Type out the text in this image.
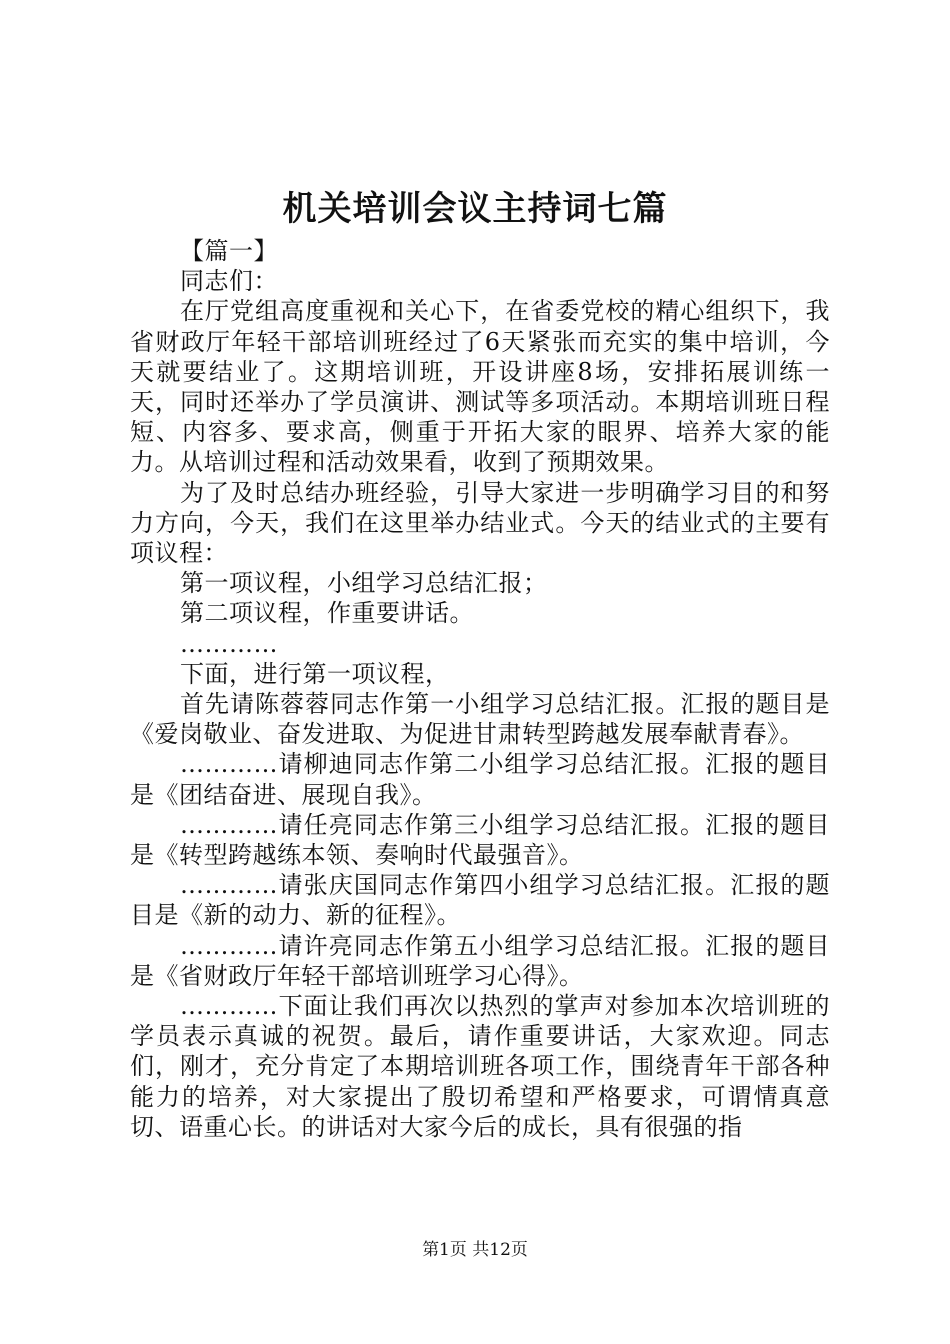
机关培训会议主持词七篇

【篇一】

同志们：

在厅党组高度重视和关心下，在省委党校的精心组织下，我省财政厅年轻干部培训班经过了6天紧张而充实的集中培训，今天就要结业了。这期培训班，开设讲座8场，安排拓展训练一天，同时还举办了学员演讲、测试等多项活动。本期培训班日程短、内容多、要求高，侧重于开拓大家的眼界、培养大家的能力。从培训过程和活动效果看，收到了预期效果。

为了及时总结办班经验，引导大家进一步明确学习目的和努力方向，今天，我们在这里举办结业式。今天的结业式的主要有项议程：

第一项议程，小组学习总结汇报；

第二项议程，作重要讲话。

…………

下面，进行第一项议程，

首先请陈蓉蓉同志作第一小组学习总结汇报。汇报的题目是《爱岗敬业、奋发进取、为促进甘肃转型跨越发展奉献青春》。

…………请柳迪同志作第二小组学习总结汇报。汇报的题目是《团结奋进、展现自我》。

…………请任亮同志作第三小组学习总结汇报。汇报的题目是《转型跨越练本领、奏响时代最强音》。

…………请张庆国同志作第四小组学习总结汇报。汇报的题目是《新的动力、新的征程》。

…………请许亮同志作第五小组学习总结汇报。汇报的题目是《省财政厅年轻干部培训班学习心得》。

…………下面让我们再次以热烈的掌声对参加本次培训班的学员表示真诚的祝贺。最后，请作重要讲话，大家欢迎。同志们，刚才，充分肯定了本期培训班各项工作，围绕青年干部各种能力的培养，对大家提出了殷切希望和严格要求，可谓情真意切、语重心长。的讲话对大家今后的成长，具有很强的指

第1页 共12页
